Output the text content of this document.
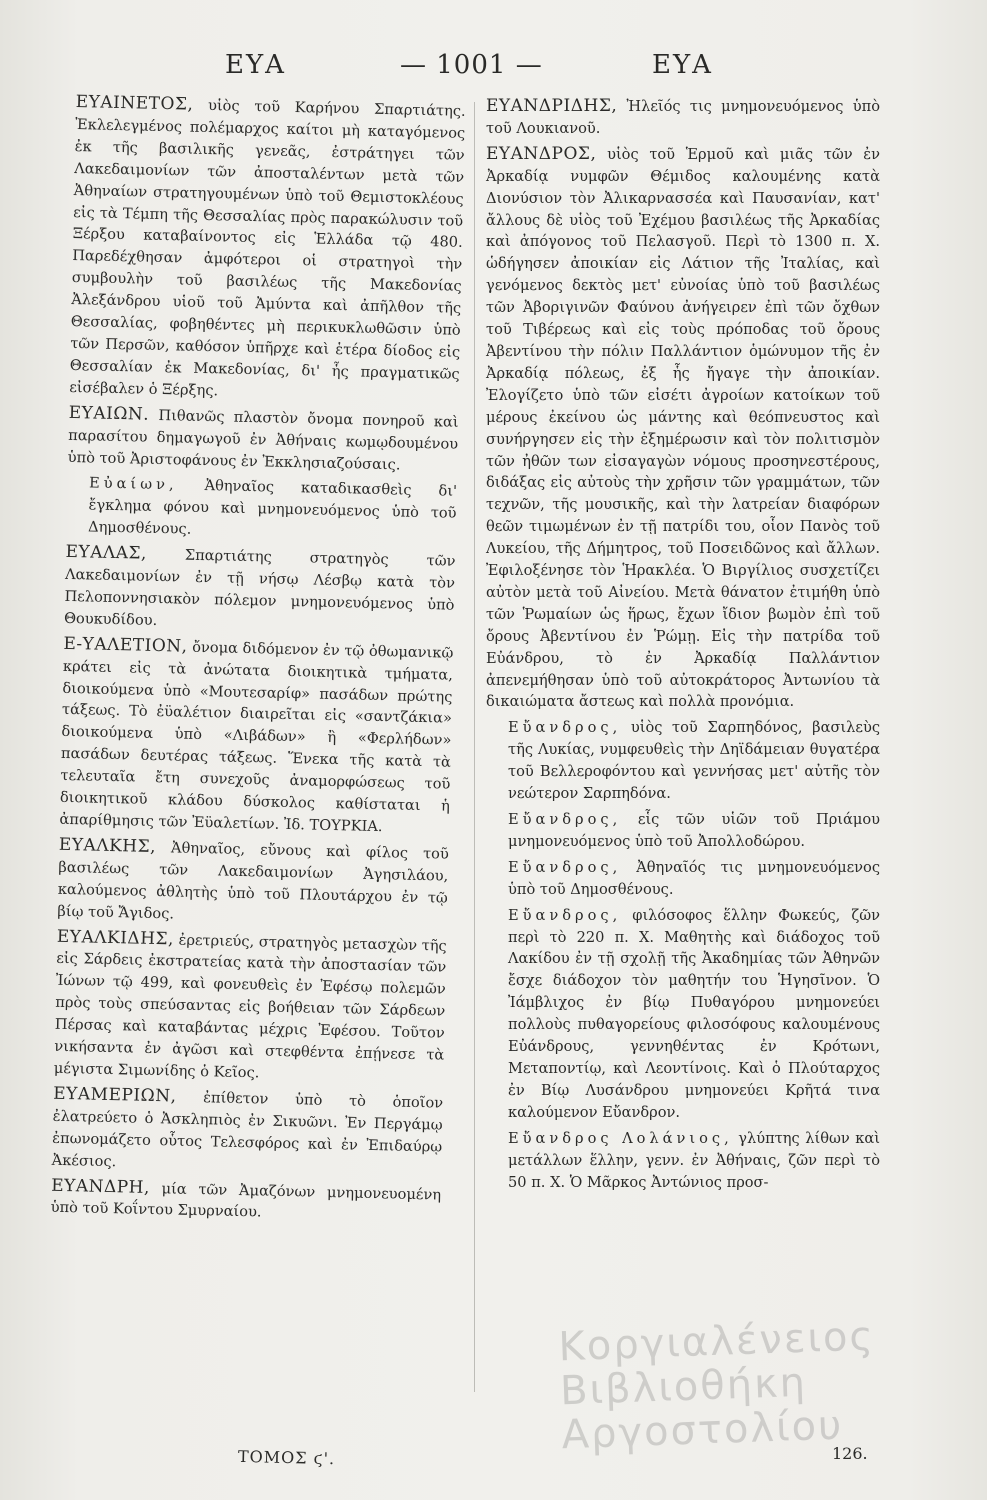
ΕΥΑ	— 1001 —	ΕΥΑ

ΕΥΑΙΝΕΤΟΣ, υἱὸς τοῦ Καρήνου Σπαρτιάτης. Ἐκλελεγμένος πολέμαρχος καίτοι μὴ καταγόμενος ἐκ τῆς βασιλικῆς γενεᾶς, ἐστράτηγει τῶν Λακεδαιμονίων τῶν ἀποσταλέντων μετὰ τῶν Ἀθηναίων στρατηγουμένων ὑπὸ τοῦ Θεμιστοκλέους εἰς τὰ Τέμπη τῆς Θεσσαλίας πρὸς παρακώλυσιν τοῦ Ξέρξου καταβαίνοντος εἰς Ἑλλάδα τῷ 480. Παρεδέχθησαν ἀμφότεροι οἱ στρατηγοὶ τὴν συμβουλὴν τοῦ βασιλέως τῆς Μακεδονίας Ἀλεξάνδρου υἱοῦ τοῦ Ἀμύντα καὶ ἀπῆλθον τῆς Θεσσαλίας, φοβηθέντες μὴ περικυκλωθῶσιν ὑπὸ τῶν Περσῶν, καθόσον ὑπῆρχε καὶ ἑτέρα δίοδος εἰς Θεσσαλίαν ἐκ Μακεδονίας, δι' ἧς πραγματικῶς εἰσέβαλεν ὁ Ξέρξης.

ΕΥΑΙΩΝ. Πιθανῶς πλαστὸν ὄνομα πονηροῦ καὶ παρασίτου δημαγωγοῦ ἐν Ἀθήναις κωμῳδουμένου ὑπὸ τοῦ Ἀριστοφάνους ἐν Ἐκκλησιαζούσαις.

Εὐαίων, Ἀθηναῖος καταδικασθεὶς δι' ἔγκλημα φόνου καὶ μνημονευόμενος ὑπὸ τοῦ Δημοσθένους.

ΕΥΑΛΑΣ,	Σπαρτιάτης στρατηγὸς τῶν Λακεδαιμονίων ἐν τῇ νήσῳ Λέσβῳ κατὰ τὸν Πελοποννησιακὸν πόλεμον μνημονευόμενος ὑπὸ Θουκυδίδου.

Ε-ΥΑΛΕΤΙΟΝ, ὄνομα διδόμενον ἐν τῷ ὀθωμανικῷ κράτει εἰς τὰ ἀνώτατα διοικητικὰ τμήματα, διοικούμενα ὑπὸ «Μουτεσαρίφ» πασάδων πρώτης τάξεως. Τὸ ἐϋαλέτιον διαιρεῖται εἰς «σαντζάκια» διοικούμενα ὑπὸ «Λιβάδων» ἢ «Φερλήδων» πασάδων δευτέρας τάξεως. Ἕνεκα τῆς κατὰ τὰ τελευταῖα ἔτη συνεχοῦς ἀναμορφώσεως τοῦ διοικητικοῦ κλάδου δύσκολος καθίσταται ἡ ἀπαρίθμησις τῶν Ἐϋαλετίων. Ἰδ. ΤΟΥΡΚΙΑ.

ΕΥΑΛΚΗΣ, Ἀθηναῖος, εὔνους καὶ φίλος τοῦ βασιλέως τῶν Λακεδαιμονίων Ἀγησιλάου, καλούμενος ἀθλητὴς ὑπὸ τοῦ Πλουτάρχου ἐν τῷ βίῳ τοῦ Ἄγιδος.

ΕΥΑΛΚΙΔΗΣ, ἐρετριεύς, στρατηγὸς μετασχὼν τῆς εἰς Σάρδεις ἐκστρατείας κατὰ τὴν ἀποστασίαν τῶν Ἰώνων τῷ 499, καὶ φονευθεὶς ἐν Ἐφέσῳ πολεμῶν πρὸς τοὺς σπεύσαντας εἰς βοήθειαν τῶν Σάρδεων Πέρσας καὶ καταβάντας μέχρις Ἐφέσου. Τοῦτον νικήσαντα ἐν ἀγῶσι καὶ στεφθέντα ἐπῄνεσε τὰ μέγιστα Σιμωνίδης ὁ Κεῖος.

ΕΥΑΜΕΡΙΩΝ, ἐπίθετον ὑπὸ τὸ ὁποῖον ἐλατρεύετο ὁ Ἀσκληπιὸς ἐν Σικυῶνι. Ἐν Περγάμῳ ἐπωνομάζετο οὗτος Τελεσφόρος καὶ ἐν Ἐπιδαύρῳ Ἀκέσιος.

ΕΥΑΝΔΡΗ, μία τῶν Ἀμαζόνων μνημονευομένη ὑπὸ τοῦ Κοΐντου Σμυρναίου.

ΕΥΑΝΔΡΙΔΗΣ, Ἠλεῖός τις μνημονευόμενος ὑπὸ τοῦ Λουκιανοῦ.

ΕΥΑΝΔΡΟΣ, υἱὸς τοῦ Ἑρμοῦ καὶ μιᾶς τῶν ἐν Ἀρκαδίᾳ νυμφῶν Θέμιδος καλουμένης κατὰ Διονύσιον τὸν Ἀλικαρνασσέα καὶ Παυσανίαν, κατ' ἄλλους δὲ υἱὸς τοῦ Ἐχέμου βασιλέως τῆς Ἀρκαδίας καὶ ἀπόγονος τοῦ Πελασγοῦ. Περὶ τὸ 1300 π. Χ. ὡδήγησεν ἀποικίαν εἰς Λάτιον τῆς Ἰταλίας, καὶ γενόμενος δεκτὸς μετ' εὐνοίας ὑπὸ τοῦ βασιλέως τῶν Ἀβοριγινῶν Φαύνου ἀνήγειρεν ἐπὶ τῶν ὄχθων τοῦ Τιβέρεως καὶ εἰς τοὺς πρόποδας τοῦ ὄρους Ἀβεντίνου τὴν πόλιν Παλλάντιον ὁμώνυμον τῆς ἐν Ἀρκαδίᾳ πόλεως, ἐξ ἧς ἤγαγε τὴν ἀποικίαν. Ἐλογίζετο ὑπὸ τῶν εἰσέτι ἀγροίων κατοίκων τοῦ μέρους ἐκείνου ὡς μάντης καὶ θεόπνευστος καὶ συνήργησεν εἰς τὴν ἐξημέρωσιν καὶ τὸν πολιτισμὸν τῶν ἠθῶν των εἰσαγαγὼν νόμους προσηνεστέρους, διδάξας εἰς αὐτοὺς τὴν χρῆσιν τῶν γραμμάτων, τῶν τεχνῶν, τῆς μουσικῆς, καὶ τὴν λατρείαν διαφόρων θεῶν τιμωμένων ἐν τῇ πατρίδι του, οἷον Πανὸς τοῦ Λυκείου, τῆς Δήμητρος, τοῦ Ποσειδῶνος καὶ ἄλλων. Ἐφιλοξένησε τὸν Ἡρακλέα. Ὁ Βιργίλιος συσχετίζει αὐτὸν μετὰ τοῦ Αἰνείου. Μετὰ θάνατον ἐτιμήθη ὑπὸ τῶν Ῥωμαίων ὡς ἥρως, ἔχων ἴδιον βωμὸν ἐπὶ τοῦ ὄρους Ἀβεντίνου ἐν Ῥώμῃ. Εἰς τὴν πατρίδα τοῦ Εὐάνδρου, τὸ ἐν Ἀρκαδίᾳ Παλλάντιον ἀπενεμήθησαν ὑπὸ τοῦ αὐτοκράτορος Ἀντωνίου τὰ δικαιώματα ἄστεως καὶ πολλὰ προνόμια.

Εὔανδρος, υἱὸς τοῦ Σαρπηδόνος, βασιλεὺς τῆς Λυκίας, νυμφευθεὶς τὴν Δηϊδάμειαν θυγατέρα τοῦ Βελλεροφόντου καὶ γεννήσας μετ' αὐτῆς τὸν νεώτερον Σαρπηδόνα.

Εὔανδρος, εἷς τῶν υἱῶν τοῦ Πριάμου μνημονευόμενος ὑπὸ τοῦ Ἀπολλοδώρου.

Εὔανδρος, Ἀθηναῖός τις μνημονευόμενος ὑπὸ τοῦ Δημοσθένους.

Εὔανδρος, φιλόσοφος ἕλλην Φωκεύς, ζῶν περὶ τὸ 220 π. Χ. Μαθητὴς καὶ διάδοχος τοῦ Λακίδου ἐν τῇ σχολῇ τῆς Ἀκαδημίας τῶν Ἀθηνῶν ἔσχε διάδοχον τὸν μαθητήν του Ἡγησῖνον. Ὁ Ἰάμβλιχος ἐν βίῳ Πυθαγόρου μνημονεύει πολλοὺς πυθαγορείους φιλοσόφους καλουμένους Εὐάνδρους, γεννηθέντας ἐν Κρότωνι, Μεταποντίῳ, καὶ Λεοντίνοις. Καὶ ὁ Πλούταρχος ἐν Βίῳ Λυσάνδρου μνημονεύει Κρῆτά τινα καλούμενον Εὔανδρον.

Εὔανδρος Λολάνιος, γλύπτης λίθων καὶ μετάλλων ἕλλην, γενν. ἐν Ἀθήναις, ζῶν περὶ τὸ 50 π. Χ. Ὁ Μᾶρκος Ἀντώνιος προσ-

ΤΟΜΟΣ ϛ'.	126.
Κοργιαλένειος Βιβλιοθήκη Αργοστολίου
